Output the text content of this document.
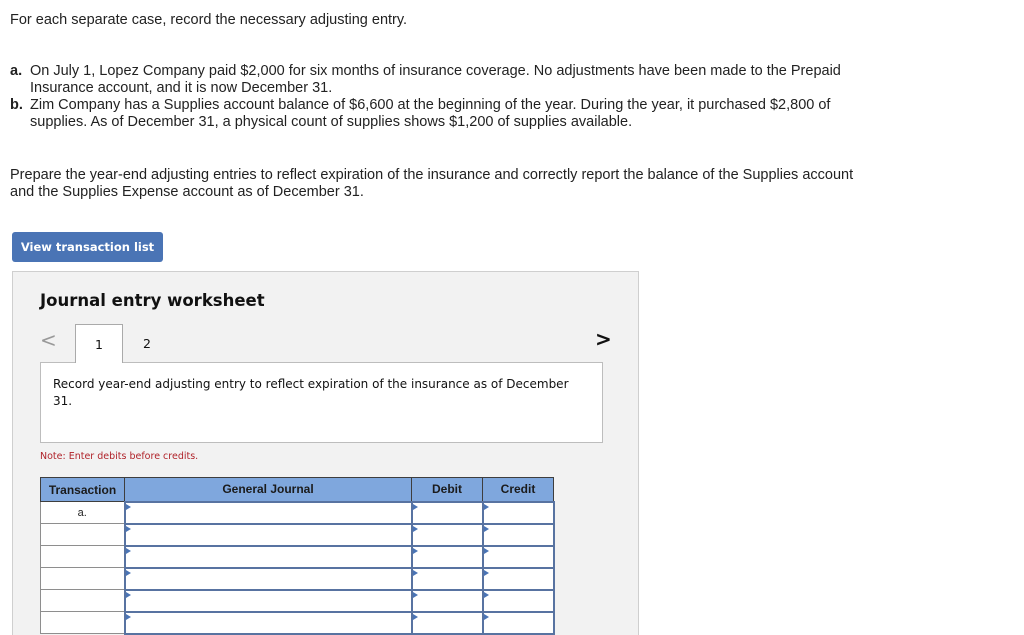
For each separate case, record the necessary adjusting entry.
a. On July 1, Lopez Company paid $2,000 for six months of insurance coverage. No adjustments have been made to the Prepaid Insurance account, and it is now December 31.
b. Zim Company has a Supplies account balance of $6,600 at the beginning of the year. During the year, it purchased $2,800 of supplies. As of December 31, a physical count of supplies shows $1,200 of supplies available.
Prepare the year-end adjusting entries to reflect expiration of the insurance and correctly report the balance of the Supplies account and the Supplies Expense account as of December 31.
View transaction list
Journal entry worksheet
<	1	2	>
Record year-end adjusting entry to reflect expiration of the insurance as of December 31.
Note: Enter debits before credits.
Transaction	General Journal	Debit	Credit
a.	
